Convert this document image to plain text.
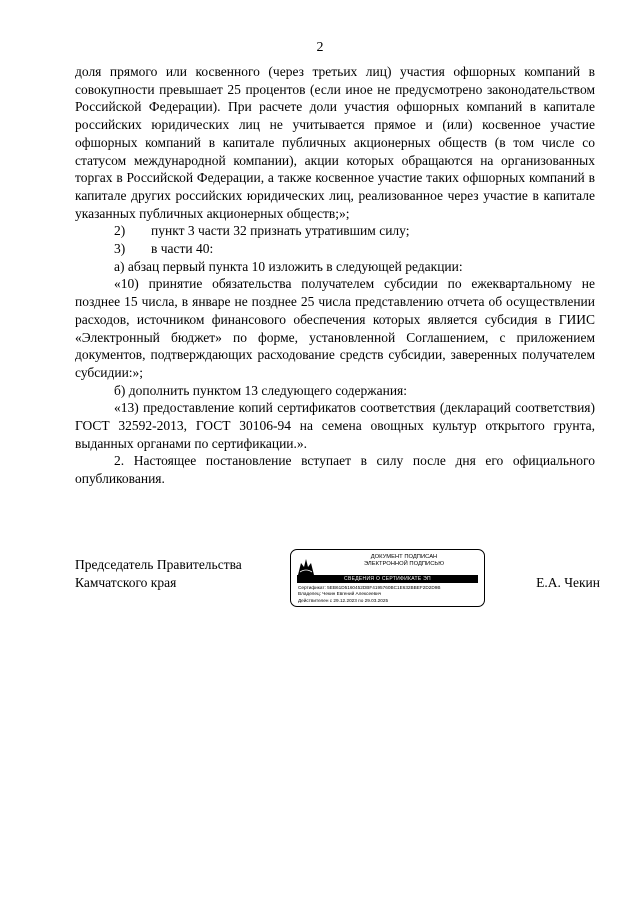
2

доля прямого или косвенного (через третьих лиц) участия офшорных компаний в совокупности превышает 25 процентов (если иное не предусмотрено законодательством Российской Федерации). При расчете доли участия офшорных компаний в капитале российских юридических лиц не учитывается прямое и (или) косвенное участие офшорных компаний в капитале публичных акционерных обществ (в том числе со статусом международной компании), акции которых обращаются на организованных торгах в Российской Федерации, а также косвенное участие таких офшорных компаний в капитале других российских юридических лиц, реализованное через участие в капитале указанных публичных акционерных обществ;»;

2) пункт 3 части 32 признать утратившим силу;

3) в части 40:

а) абзац первый пункта 10 изложить в следующей редакции:

«10) принятие обязательства получателем субсидии по ежеквартальному не позднее 15 числа, в январе не позднее 25 числа представлению отчета об осуществлении расходов, источником финансового обеспечения которых является субсидия в ГИИС «Электронный бюджет» по форме, установленной Соглашением, с приложением документов, подтверждающих расходование средств субсидии, заверенных получателем субсидии:»;

б) дополнить пунктом 13 следующего содержания:

«13) предоставление копий сертификатов соответствия (деклараций соответствия) ГОСТ 32592-2013, ГОСТ 30106-94 на семена овощных культур открытого грунта, выданных органами по сертификации.».

2. Настоящее постановление вступает в силу после дня его официального опубликования.

Председатель Правительства
Камчатского края
ДОКУМЕНТ ПОДПИСАН
ЭЛЕКТРОННОЙ ПОДПИСЬЮ
СВЕДЕНИЯ О СЕРТИФИКАТЕ ЭП
Сертификат: 5EB61D5160452DBF4195760BC1E632BBEF2D2D9B
Владелец: Чекин Евгений Алексеевич
Действителен с 29.12.2023 по 29.03.2025
Е.А. Чекин
